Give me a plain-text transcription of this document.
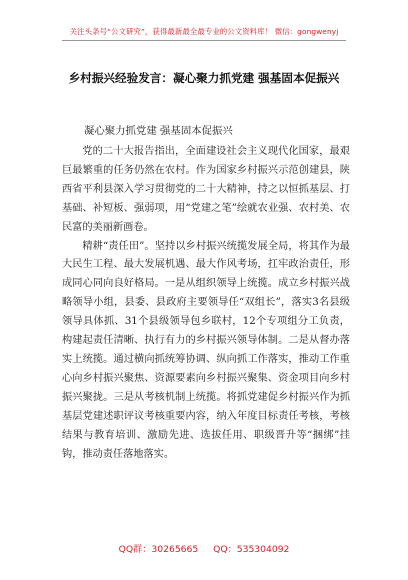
关注头条号“公文研究”，获得最新最全最专业的公文资料库！ 微信：gongwenyj
乡村振兴经验发言：凝心聚力抓党建 强基固本促振兴
凝心聚力抓党建 强基固本促振兴

党的二十大报告指出，全面建设社会主义现代化国家，最艰巨最繁重的任务仍然在农村。作为国家乡村振兴示范创建县，陕西省平利县深入学习贯彻党的二十大精神，持之以恒抓基层、打基础、补短板、强弱项，用“党建之笔”绘就农业强、农村美、农民富的美丽新画卷。

精耕“责任田”。坚持以乡村振兴统揽发展全局，将其作为最大民生工程、最大发展机遇、最大作风考场，扛牢政治责任，形成同心同向良好格局。一是从组织领导上统揽。成立乡村振兴战略领导小组，县委、县政府主要领导任“双组长”，落实3名县级领导具体抓、31个县级领导包乡联村，12个专项组分工负责，构建起责任清晰、执行有力的乡村振兴领导体制。二是从督办落实上统揽。通过横向抓统筹协调、纵向抓工作落实，推动工作重心向乡村振兴聚焦、资源要素向乡村振兴聚集、资金项目向乡村振兴聚拢。三是从考核机制上统揽。将抓党建促乡村振兴作为抓基层党建述职评议考核重要内容，纳入年度目标责任考核，考核结果与教育培训、激励先进、选拔任用、职级晋升等“捆绑”挂钩，推动责任落地落实。

QQ群：30265665 QQ：535304092
